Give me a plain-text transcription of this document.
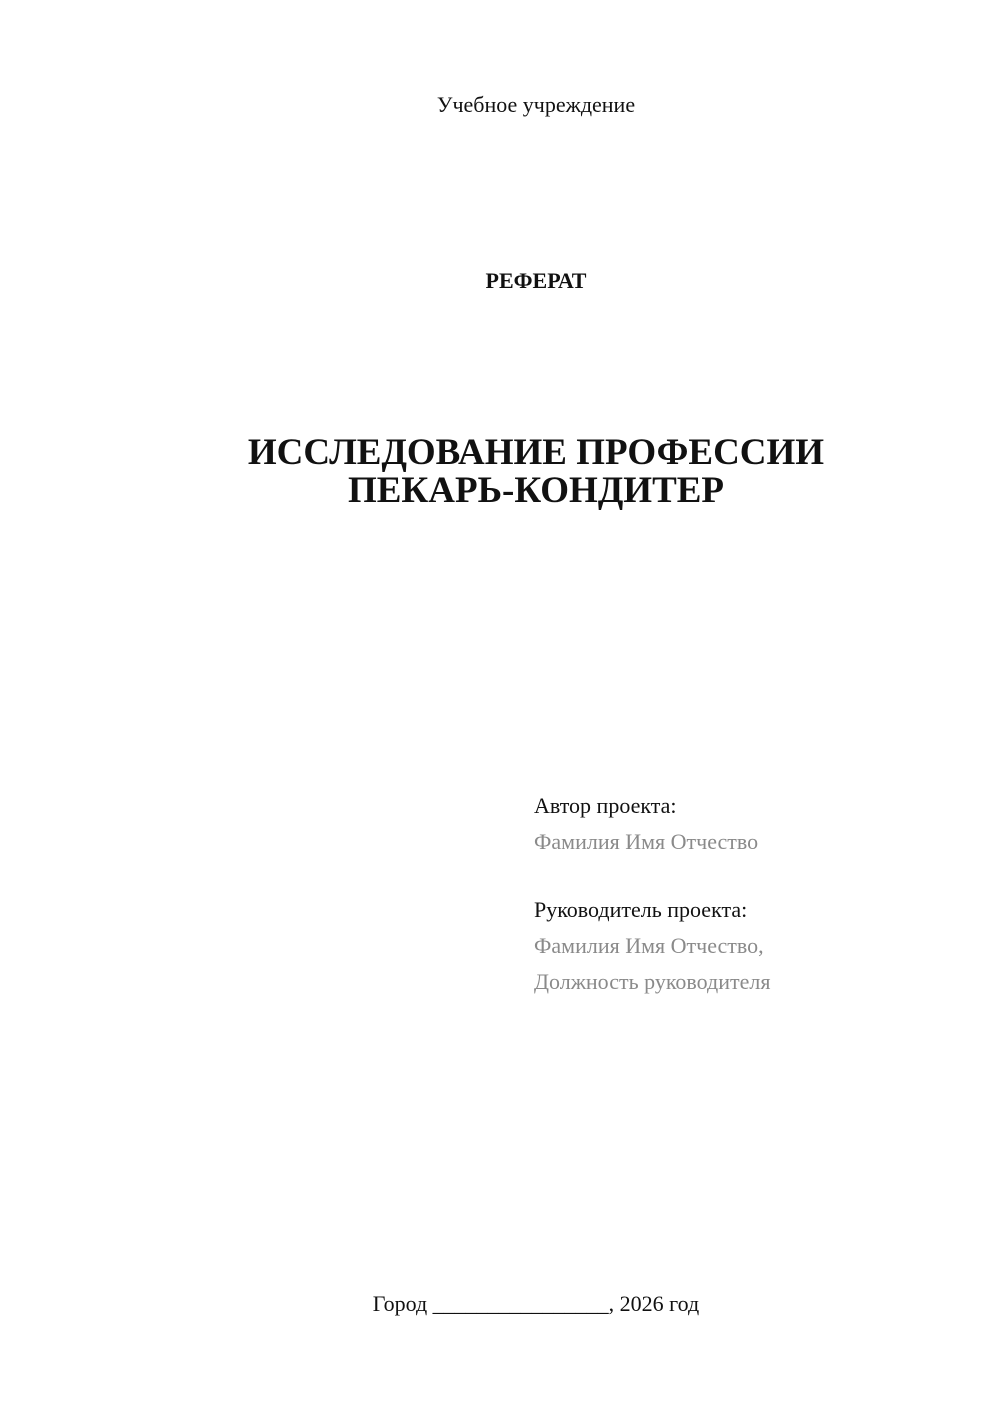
Учебное учреждение
РЕФЕРАТ
ИССЛЕДОВАНИЕ ПРОФЕССИИ
ПЕКАРЬ-КОНДИТЕР
Автор проекта:
Фамилия Имя Отчество
Руководитель проекта:
Фамилия Имя Отчество,
Должность руководителя
Город ________________, 2026 год
